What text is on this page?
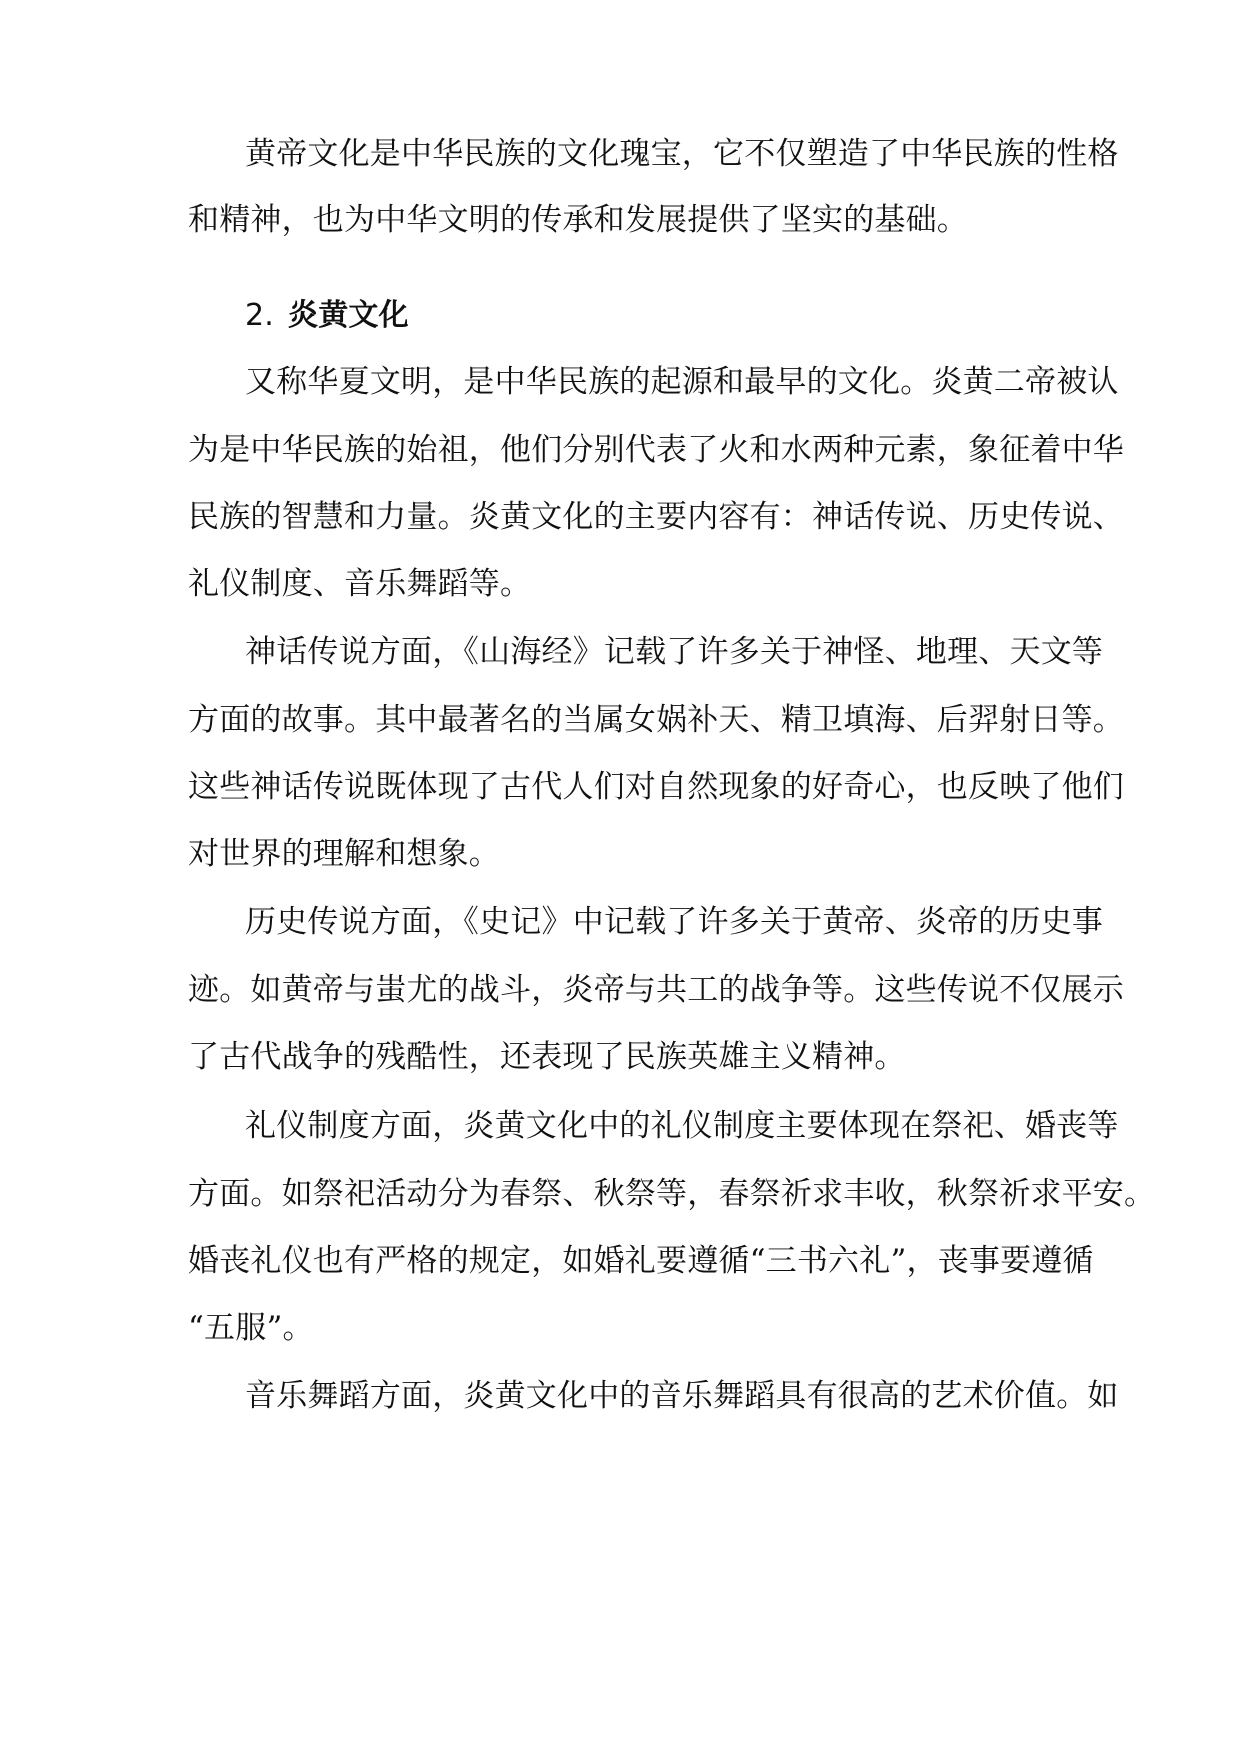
黄帝文化是中华民族的文化瑰宝，它不仅塑造了中华民族的性格
和精神，也为中华文明的传承和发展提供了坚实的基础。
2. 炎黄文化
又称华夏文明，是中华民族的起源和最早的文化。炎黄二帝被认
为是中华民族的始祖，他们分别代表了火和水两种元素，象征着中华
民族的智慧和力量。炎黄文化的主要内容有：神话传说、历史传说、
礼仪制度、音乐舞蹈等。
神话传说方面，《山海经》记载了许多关于神怪、地理、天文等
方面的故事。其中最著名的当属女娲补天、精卫填海、后羿射日等。
这些神话传说既体现了古代人们对自然现象的好奇心，也反映了他们
对世界的理解和想象。
历史传说方面，《史记》中记载了许多关于黄帝、炎帝的历史事
迹。如黄帝与蚩尤的战斗，炎帝与共工的战争等。这些传说不仅展示
了古代战争的残酷性，还表现了民族英雄主义精神。
礼仪制度方面，炎黄文化中的礼仪制度主要体现在祭祀、婚丧等
方面。如祭祀活动分为春祭、秋祭等，春祭祈求丰收，秋祭祈求平安。
婚丧礼仪也有严格的规定，如婚礼要遵循“三书六礼”，丧事要遵循
“五服”。
音乐舞蹈方面，炎黄文化中的音乐舞蹈具有很高的艺术价值。如
